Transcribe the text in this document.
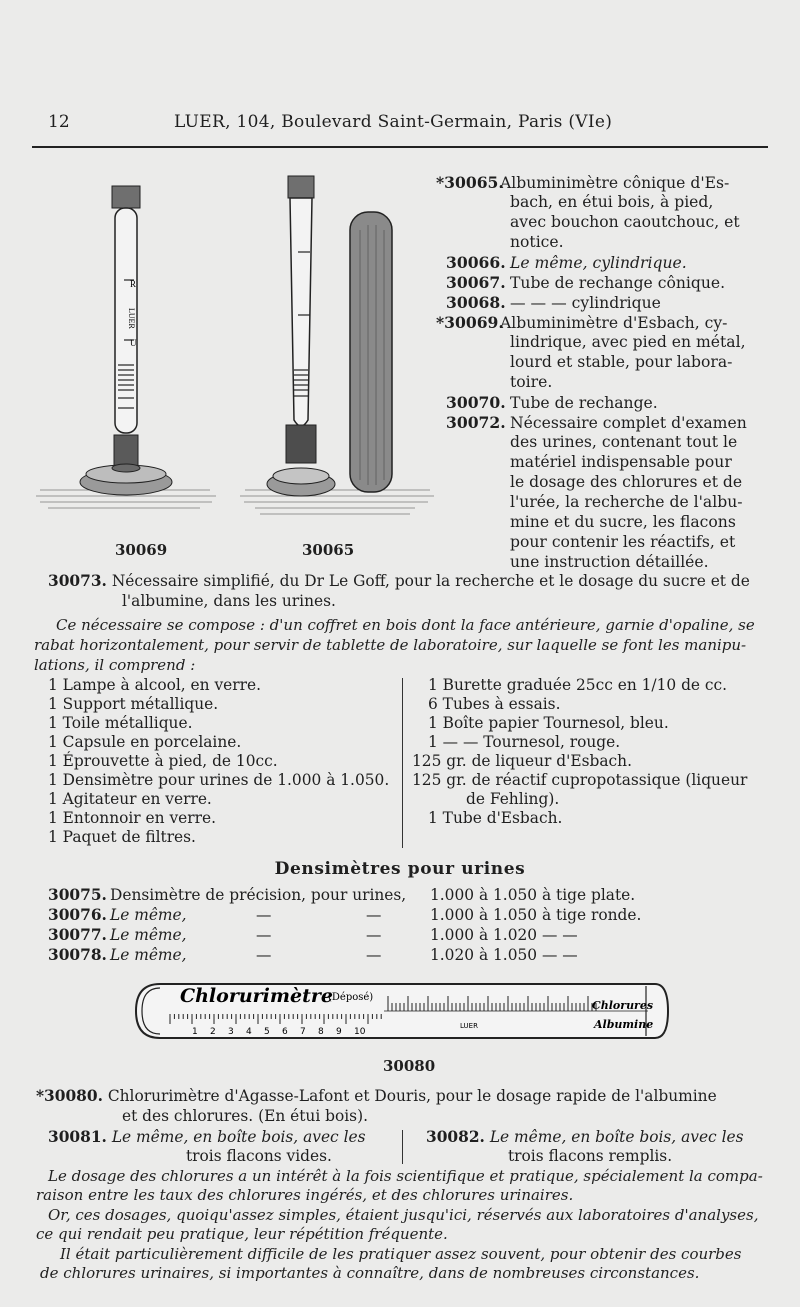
12	LUER, 104, Boulevard Saint-Germain, Paris (VIe)
R
LUER
U
30069	30065
*30065.Albuminimètre cônique d'Es-
bach, en étui bois, à pied,
avec bouchon caoutchouc, et
notice.
30066. Le même, cylindrique.
30067. Tube de rechange cônique.
30068. — — — cylindrique
*30069.Albuminimètre d'Esbach, cy-
lindrique, avec pied en métal,
lourd et stable, pour labora-
toire.
30070. Tube de rechange.
30072. Nécessaire complet d'examen
des urines, contenant tout le
matériel indispensable pour
le dosage des chlorures et de
l'urée, la recherche de l'albu-
mine et du sucre, les flacons
pour contenir les réactifs, et
une instruction détaillée.
30073. Nécessaire simplifié, du Dr Le Goff, pour la recherche et le dosage du sucre et de
l'albumine, dans les urines.
Ce nécessaire se compose : d'un coffret en bois dont la face antérieure, garnie d'opaline, se
rabat horizontalement, pour servir de tablette de laboratoire, sur laquelle se font les manipu-
lations, il comprend :
1 Lampe à alcool, en verre.
1 Support métallique.
1 Toile métallique.
1 Capsule en porcelaine.
1 Éprouvette à pied, de 10cc.
1 Densimètre pour urines de 1.000 à 1.050.
1 Agitateur en verre.
1 Entonnoir en verre.
1 Paquet de filtres.
1 Burette graduée 25cc en 1/10 de cc.
6 Tubes à essais.
1 Boîte papier Tournesol, bleu.
1 — — Tournesol, rouge.
125 gr. de liqueur d'Esbach.
125 gr. de réactif cupropotassique (liqueur
de Fehling).
1 Tube d'Esbach.
Densimètres pour urines
30075. Densimètre de précision, pour urines, 1.000 à 1.050 à tige plate.
30076. Le même,	—	—	1.000 à 1.050 à tige ronde.
30077. Le même,	—	—	1.000 à 1.020 — —
30078. Le même,	—	—	1.020 à 1.050 — —
Chlorurimètre
(Déposé)
Chlorures
Albumine
LUER
1 2 3 4 5 6 7 8 9 10
30080
*30080. Chlorurimètre d'Agasse-Lafont et Douris, pour le dosage rapide de l'albumine
et des chlorures. (En étui bois).
30081. Le même, en boîte bois, avec les
trois flacons vides.
30082. Le même, en boîte bois, avec les
trois flacons remplis.
Le dosage des chlorures a un intérêt à la fois scientifique et pratique, spécialement la compa-
raison entre les taux des chlorures ingérés, et des chlorures urinaires.
Or, ces dosages, quoiqu'assez simples, étaient jusqu'ici, réservés aux laboratoires d'analyses,
ce qui rendait peu pratique, leur répétition fréquente.
Il était particulièrement difficile de les pratiquer assez souvent, pour obtenir des courbes
de chlorures urinaires, si importantes à connaître, dans de nombreuses circonstances.
